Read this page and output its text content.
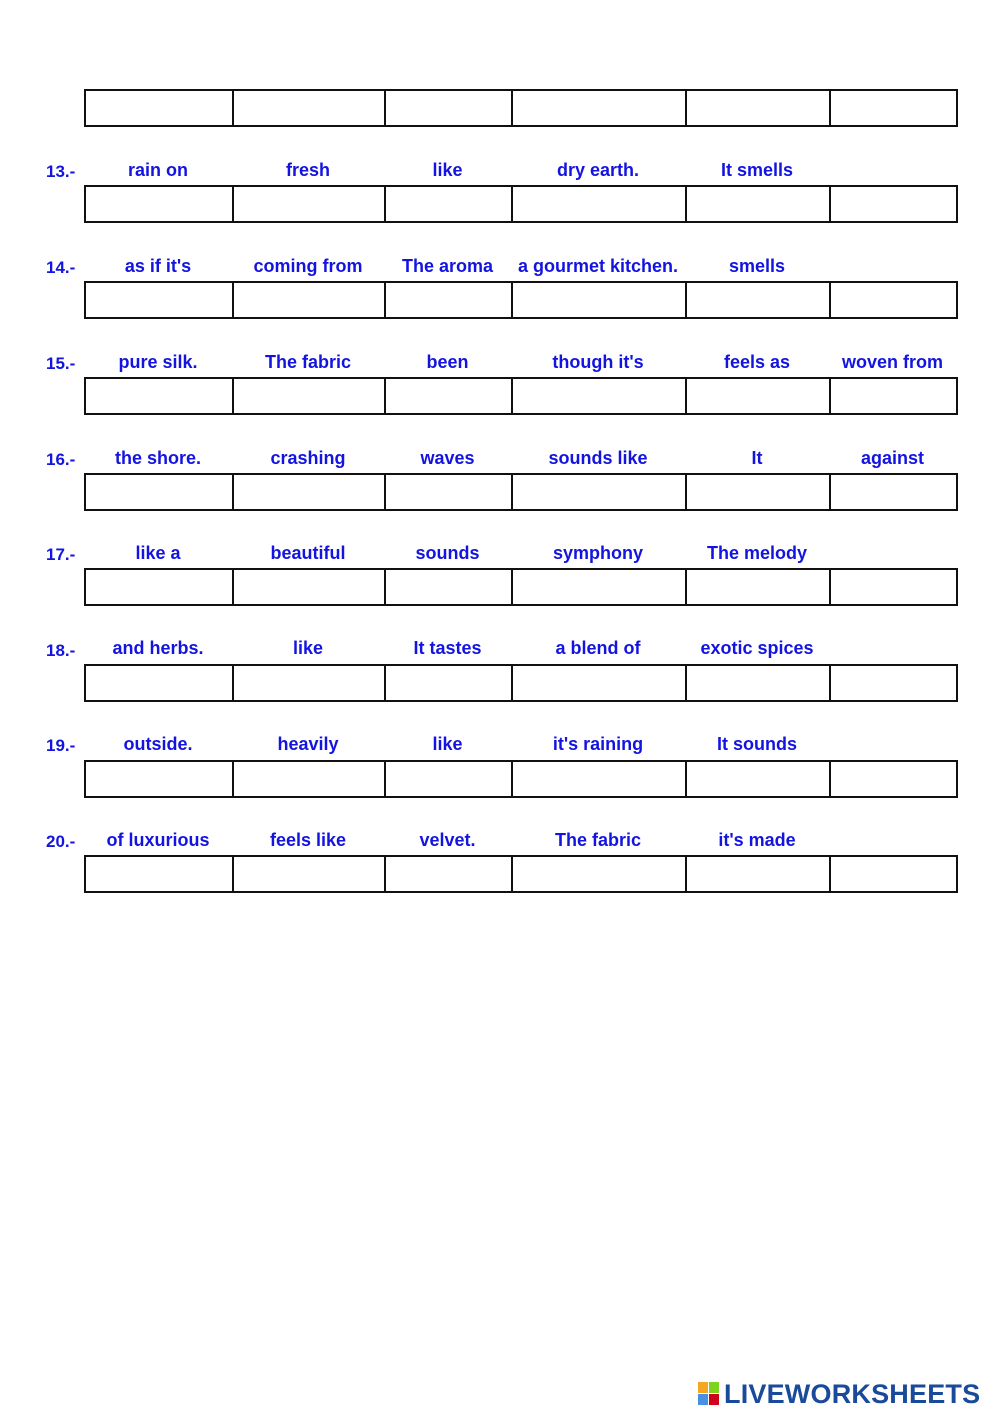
13.-	rain on	fresh	like	dry earth.	It smells

14.-	as if it's	coming from	The aroma	a gourmet kitchen.	smells

15.-	pure silk.	The fabric	been	though it's	feels as	woven from

16.-	the shore.	crashing	waves	sounds like	It	against

17.-	like a	beautiful	sounds	symphony	The melody

18.-	and herbs.	like	It tastes	a blend of	exotic spices

19.-	outside.	heavily	like	it's raining	It sounds

20.-	of luxurious	feels like	velvet.	The fabric	it's made

LIVEWORKSHEETS
